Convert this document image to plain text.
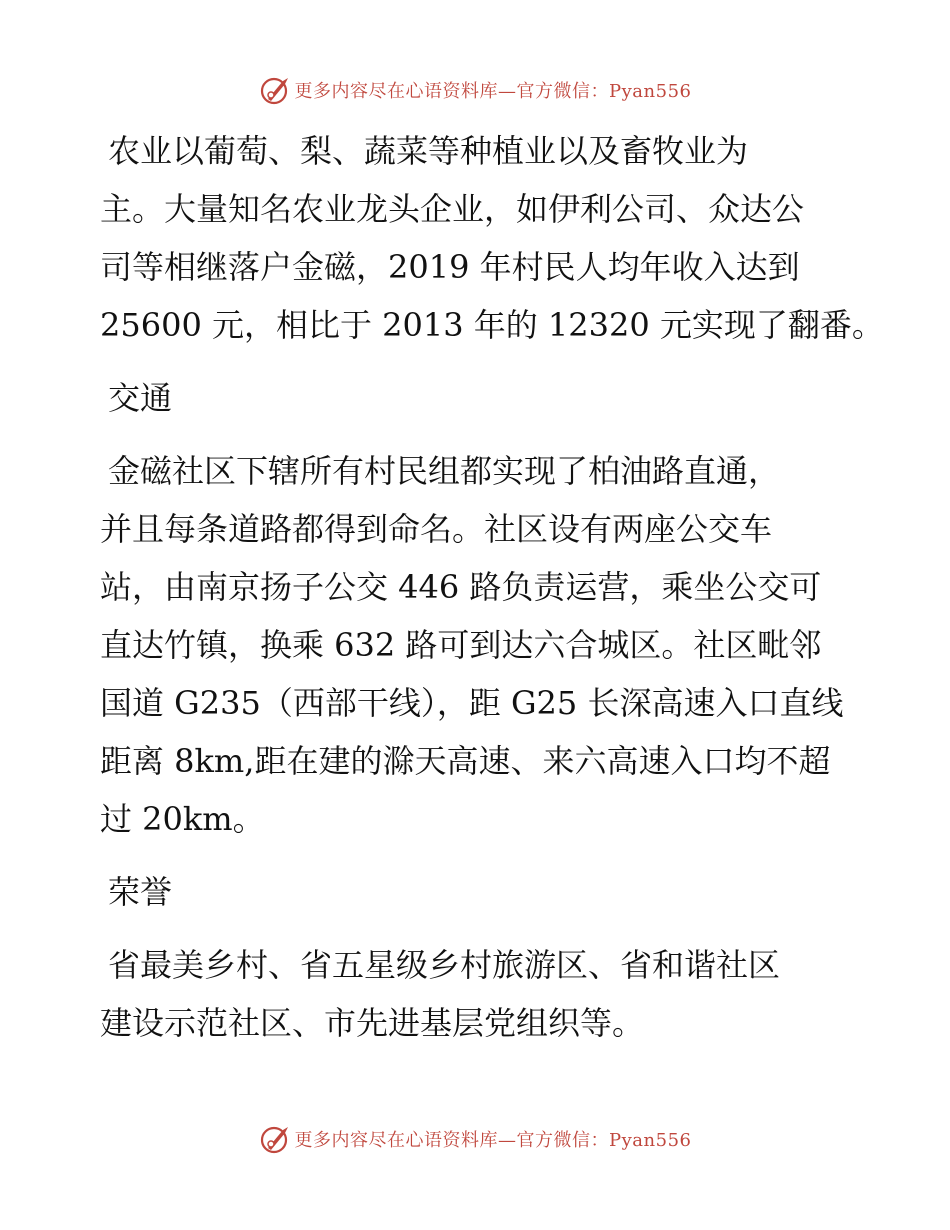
更多内容尽在心语资料库—官方微信：Pyan556
农业以葡萄、梨、蔬菜等种植业以及畜牧业为
主。大量知名农业龙头企业，如伊利公司、众达公
司等相继落户金磁，2019 年村民人均年收入达到
25600 元，相比于 2013 年的 12320 元实现了翻番。
交通
金磁社区下辖所有村民组都实现了柏油路直通，
并且每条道路都得到命名。社区设有两座公交车
站，由南京扬子公交 446 路负责运营，乘坐公交可
直达竹镇，换乘 632 路可到达六合城区。社区毗邻
国道 G235（西部干线），距 G25 长深高速入口直线
距离 8km,距在建的滁天高速、来六高速入口均不超
过 20km。
荣誉
省最美乡村、省五星级乡村旅游区、省和谐社区
建设示范社区、市先进基层党组织等。
更多内容尽在心语资料库—官方微信：Pyan556
